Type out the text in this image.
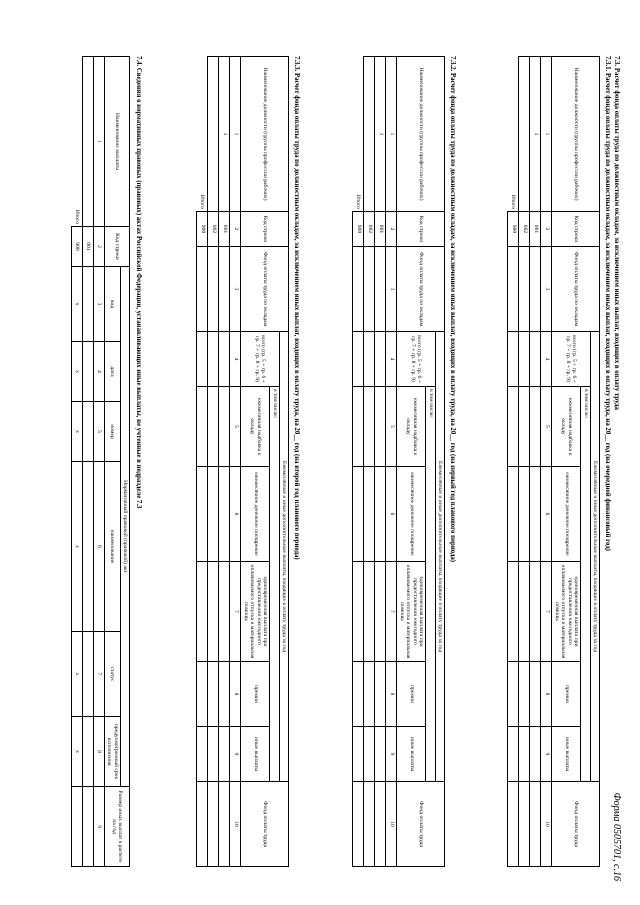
Форма 0505701, с.16
7.3. Расчет фонда оплаты труда по должностным окладам, за исключением иных выплат, входящих в оплату труда
7.3.1. Расчет фонда оплаты труда по должностным окладам, за исключением иных выплат, входящих в оплату труда, на 20__ год (на очередной финансовый год)
Наименование должности (группы профессии рабочих)	Код строки	Фонд оплаты труда по окладам	Ежемесячные и иные дополнительные выплаты, входящие в оплату труда за год						Фонд оплаты труда
			всего (гр. 5 + гр. 6 + гр. 7 + гр. 8 + гр. 9)	в том числе:					
				ежемесячная надбавка к окладу	ежемесячное денежное поощрение	единовременная выплата при предоставлении ежегодного оплачиваемого отпуска и материальная помощь	премии	иные выплаты	
1	2	3	4	5	6	7	8	9	10
1	001								
	002								
Итого	900								
7.3.2. Расчет фонда оплаты труда по должностным окладам, за исключением иных выплат, входящих в оплату труда, на 20__ год (на первый год планового периода)
Наименование должности (группы профессии рабочих)	Код строки	Фонд оплаты труда по окладам	Ежемесячные и иные дополнительные выплаты, входящие в оплату труда за год						Фонд оплаты труда
			всего (гр. 5 + гр. 6 + гр. 7 + гр. 8 + гр. 9)	в том числе:					
				ежемесячная надбавка к окладу	ежемесячное денежное поощрение	единовременная выплата при предоставлении ежегодного оплачиваемого отпуска и материальная помощь	премии	иные выплаты	
1	2	3	4	5	6	7	8	9	10
1	001								
	002								
Итого	900								
7.3.3. Расчет фонда оплаты труда по должностным окладам, за исключением иных выплат, входящих в оплату труда, на 20__ год (на второй год планового периода)
Наименование должности (группы профессии рабочих)	Код строки	Фонд оплаты труда по окладам	Ежемесячные и иные дополнительные выплаты, входящие в оплату труда за год						Фонд оплаты труда
			всего (гр. 5 + гр. 6 + гр. 7 + гр. 8 + гр. 9)	в том числе:					
				ежемесячная надбавка к окладу	ежемесячное денежное поощрение	единовременная выплата при предоставлении ежегодного оплачиваемого отпуска и материальная помощь	премии	иные выплаты	
1	2	3	4	5	6	7	8	9	10
1	001								
	002								
Итого	900								
7.4. Сведения о нормативных правовых (правовых) актах Российской Федерации, устанавливающих иные выплаты, не учтенные в подразделе 7.3
Наименование выплаты	Код строки	Нормативный правовой (правовой) акт						Размер иных выплат в расчете на год
		вид	дата	номер	наименование	статус	предусмотренный срок исполнения	
1	2	3	4	5	6	7	8	9
	001							
Итого	900	x	x	x	x	x	x	
